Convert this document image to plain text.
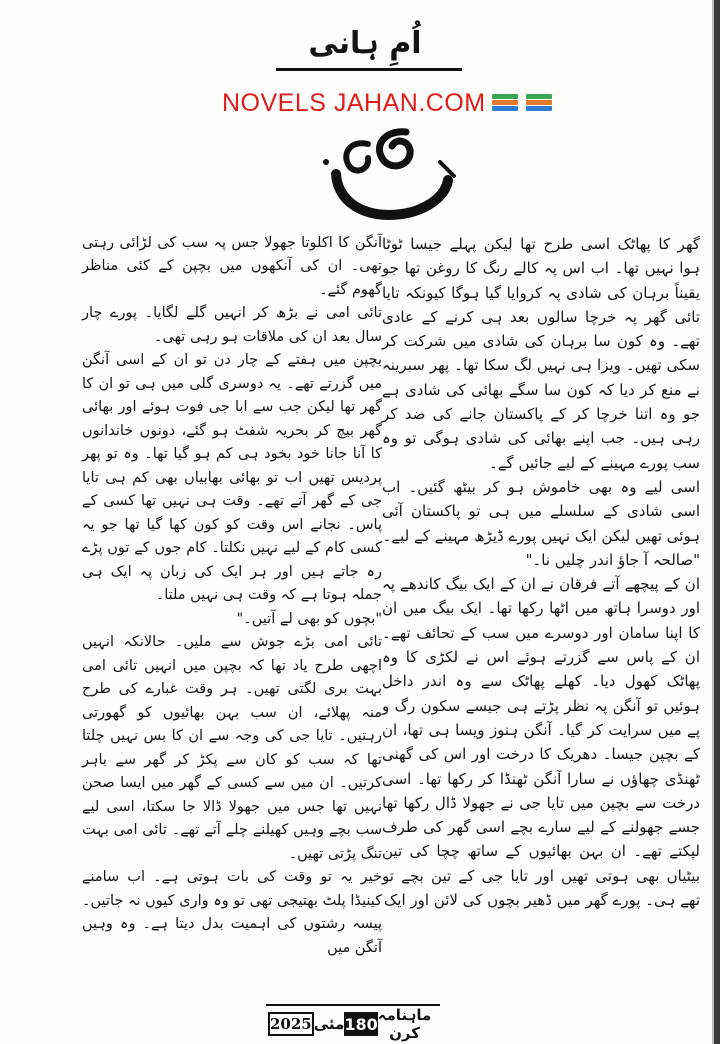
اُمِ ہانی
NOVELS JAHAN.COM

گھر کا پھاٹک اسی طرح تھا لیکن پہلے جیسا ٹوٹا ہوا نہیں تھا۔ اب اس پہ کالے رنگ کا روغن تھا جو یقیناً برہان کی شادی پہ کروایا گیا ہوگا کیونکہ تایا تائی گھر پہ خرچا سالوں بعد ہی کرنے کے عادی تھے۔ وہ کون سا برہان کی شادی میں شرکت کر سکی تھیں۔ ویزا ہی نہیں لگ سکا تھا۔ پھر سبرینہ نے منع کر دیا کہ کون سا سگے بھائی کی شادی ہے جو وہ اتنا خرچا کر کے پاکستان جانے کی ضد کر رہی ہیں۔ جب اپنے بھائی کی شادی ہوگی تو وہ سب پورے مہینے کے لیے جائیں گے۔

اسی لیے وہ بھی خاموش ہو کر بیٹھ گئیں۔ اب اسی شادی کے سلسلے میں ہی تو پاکستان آئی ہوئی تھیں لیکن ایک نہیں پورے ڈیڑھ مہینے کے لیے۔

"صالحہ آ جاؤ اندر چلیں نا۔"

ان کے پیچھے آتے فرقان نے ان کے ایک بیگ کاندھے پہ اور دوسرا ہاتھ میں اٹھا رکھا تھا۔ ایک بیگ میں ان کا اپنا سامان اور دوسرے میں سب کے تحائف تھے۔ ان کے پاس سے گزرتے ہوئے اس نے لکڑی کا وہ پھاٹک کھول دیا۔ کھلے پھاٹک سے وہ اندر داخل ہوئیں تو آنگن پہ نظر پڑتے ہی جیسے سکون رگ و پے میں سرایت کر گیا۔ آنگن ہنوز ویسا ہی تھا، ان کے بچپن جیسا۔ دھریک کا درخت اور اس کی گھنی ٹھنڈی چھاؤں نے سارا آنگن ٹھنڈا کر رکھا تھا۔ اسی درخت سے بچپن میں تایا جی نے جھولا ڈال رکھا تھا جسے جھولنے کے لیے سارے بچے اسی گھر کی طرف لپکتے تھے۔ ان بہن بھائیوں کے ساتھ چچا کی تین بیٹیاں بھی ہوتی تھیں اور تایا جی کے تین بچے تو تھے ہی۔ پورے گھر میں ڈھیر بچوں کی لائن اور ایک

آنگن کا اکلوتا جھولا جس پہ سب کی لڑائی رہتی تھی۔ ان کی آنکھوں میں بچپن کے کئی مناظر گھوم گئے۔

تائی امی نے بڑھ کر انہیں گلے لگایا۔ پورے چار سال بعد ان کی ملاقات ہو رہی تھی۔

بچپن میں ہفتے کے چار دن تو ان کے اسی آنگن میں گزرتے تھے۔ یہ دوسری گلی میں ہی تو ان کا گھر تھا لیکن جب سے ابا جی فوت ہوئے اور بھائی گھر بیچ کر بحریہ شفٹ ہو گئے، دونوں خاندانوں کا آنا جانا خود بخود ہی کم ہو گیا تھا۔ وہ تو پھر پردیس تھیں اب تو بھائی بھابیاں بھی کم ہی تایا جی کے گھر آتے تھے۔ وقت ہی نہیں تھا کسی کے پاس۔ نجانے اس وقت کو کون کھا گیا تھا جو یہ کسی کام کے لیے نہیں نکلتا۔ کام جوں کے توں پڑے رہ جاتے ہیں اور ہر ایک کی زبان پہ ایک ہی جملہ ہوتا ہے کہ وقت ہی نہیں ملتا۔

"بچوں کو بھی لے آتیں۔"

تائی امی بڑے جوش سے ملیں۔ حالانکہ انہیں اچھی طرح یاد تھا کہ بچپن میں انہیں تائی امی بہت بری لگتی تھیں۔ ہر وقت غبارے کی طرح منہ پھلائے، ان سب بہن بھائیوں کو گھورتی رہتیں۔ تایا جی کی وجہ سے ان کا بس نہیں چلتا تھا کہ سب کو کان سے پکڑ کر گھر سے باہر کرتیں۔ ان میں سے کسی کے گھر میں ایسا صحن نہیں تھا جس میں جھولا ڈالا جا سکتا، اسی لیے سب بچے وہیں کھیلنے چلے آتے تھے۔ تائی امی بہت تنگ پڑتی تھیں۔

خیر یہ تو وقت کی بات ہوتی ہے۔ اب سامنے کینیڈا پلٹ بھتیجی تھی تو وہ واری کیوں نہ جاتیں۔ پیسہ رشتوں کی اہمیت بدل دیتا ہے۔ وہ وہیں آنگن میں

2025 مئی 180 ماہنامہ کرن
